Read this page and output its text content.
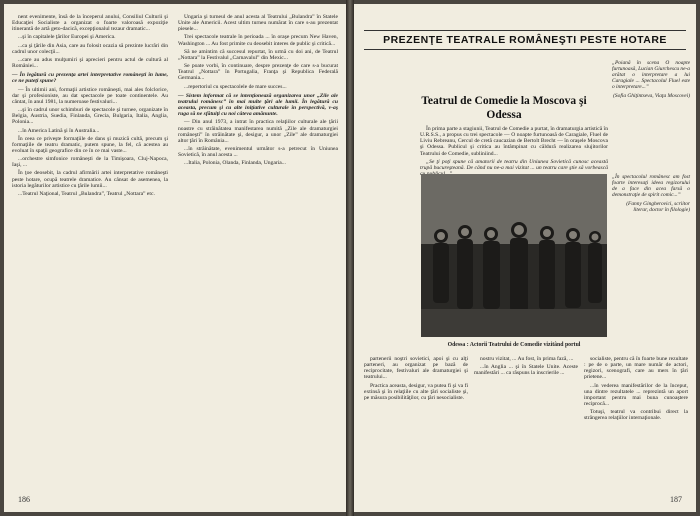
nent evenimente, însă de la începerul anului, Consiliul Culturii şi Educaţiei Socialiste a organizat o foarte valoroasă expoziţie itinerantă de artă geto-dacică, excepţionalul tezaur dramatic...

...şi în capitalele ţărilor Europei şi America.

...ca şi ţările din Asia, care au folosit ocazia să prezinte lucrări din cadrul unor colecţii...

...care au adus mulţumiri şi aprecieri pentru actul de cultură al României...

— În legătură cu prezenţa artei interpretative româneşti în lume, ce ne puteţi spune?

— În ultimii ani, formaţii artistice româneşti, mai ales folclorice, dar şi profesioniste, au dat spectacole pe toate continentele. Au cântat, în anul 1981, la numeroase festivaluri...

...şi în cadrul unor schimburi de spectacole şi turnee, organizate în Belgia, Austria, Suedia, Finlanda, Grecia, Bulgaria, Italia, Anglia, Polonia...

...în America Latină şi în Australia...

În ceea ce priveşte formaţiile de dans şi muzică cultă, precum şi formaţiile de teatru dramatic, putem spune, la fel, că acestea au evoluat în spaţii geografice din ce în ce mai vaste...

...orchestre simfonice româneşti de la Timişoara, Cluj-Napoca, Iaşi, ...

În ţoe deosebit, la cadrul afirmării artei interpretative româneşti peste hotare, ocupă teatrele dramatice. Au cânsat de asemenea, la istoria legăturilor artistice cu ţările lumii...

...Teatrul Naţional, Teatrul „Bulandra”, Teatrul „Nottara” etc.

Ungaria şi turneul de anul acesta al Teatrului „Bulandra” în Statele Unite ale Americii. Acest ultim turneu numărat în care s-au prezentat piesele...

Trei spectacole teatrale în perioada ... în oraşe precum New Haven, Washington ... Au fost primite cu deosebit interes de public şi critică...

Să ne amintim că succesul repurtat, în urmă cu doi ani, de Teatrul „Nottara” la Festivalul „Carnavalul” din Mexic...

Se poate vorbi, în continuare, despre prezenţe de care s-a bucurat Teatrul „Nottara” în Portugalia, Franţa şi Republica Federală Germania...

...repertoriul cu spectacolele de mare succes...

— Sistem informat că se intenţionează organizarea unor „Zile ale teatrului românesc” în mai multe ţări ale lumii. În legătură cu aceasta, precum şi cu alte iniţiative culturale în perspectivă, v-aş ruga să ne sfătuiţi cu noi câteva amănunte.

— Din anul 1973, a intrat în practica relaţiilor culturale ale ţării noastre cu străinătatea manifestarea numită „Zile ale dramaturgiei româneşti” în străinătate şi, desigur, a unor „Zile” ale dramaturgiei altor ţări în România...

...în străinătate, evenimentul următor s-a petrecut în Uniunea Sovietică, în anul acesta ...

...Italia, Polonia, Olanda, Finlanda, Ungaria...

186
PREZENŢE TEATRALE ROMÂNEŞTI PESTE HOTARE
Teatrul de Comedie la Moscova şi Odessa

În prima parte a stagiunii, Teatrul de Comedie a purtat, în dramaturgia artistică în U.R.S.S., a propus cu trei spectacole — O noapte furtunoasă de Caragiale, Fluel de Liviu Rebreanu, Cercul de cretă caucazian de Bertolt Brecht — în oraşele Moscova şi Odessa. Publicul şi critica au întâmpinat cu căldură realizarea slujitorilor Teatrului de Comedie, subliniind...

„Se ţi poţi spune că amatorii de teatru din Uniunea Sovietică cunosc această trupă bucureşteană. De când nu ne-a mai vizitat ... un teatru care ştie să vorbească

„Poiană în scena O noapte furtunoasă, Lucian Giurchescu ne-a arătat o interpretare a lui Caragiale ... Spectacolul Fluel este o interpretare...”

(Sofia Ghiţintseva, Viaţa Moscovei)

Odessa : Actorii Teatrului de Comedie vizitând portul

„În spectacolul românesc am fost foarte interesaţi ideea regizorului de a face din acea farsă o demonstraţie de spirit comic...”

(Fanny Gingherovici, scriitor literar, doctor în filologie)

partenerii noştri sovietici, apoi şi cu alţi parteneri, au organizat pe bază de reciprocitate, festivaluri ale dramaturgiei şi teatrului...

Practica aceasta, desigur, va putea fi şi va fi extinsă şi în relaţiile cu alte ţări socialiste şi, pe măsura posibilităţilor, cu ţări nesocialiste.

nostru vizitat, ... Au fost, în prima fază, ...

...în Anglia ... şi în Statele Unite. Aceste manifestări ... ca răspuns la inscrierile ...

socialiste, pentru că în foarte bune rezultate : pe de o parte, un mare număr de actori, regizori, scenografi, care au mers în ţări prietene...

...în vederea manifestărilor de la început, una dintre rezultatele ... reprezintă un aport important pentru mai buna cunoaştere reciprocă...

Totuşi, teatrul va contribui direct la strângerea relaţiilor internaţionale.

187
